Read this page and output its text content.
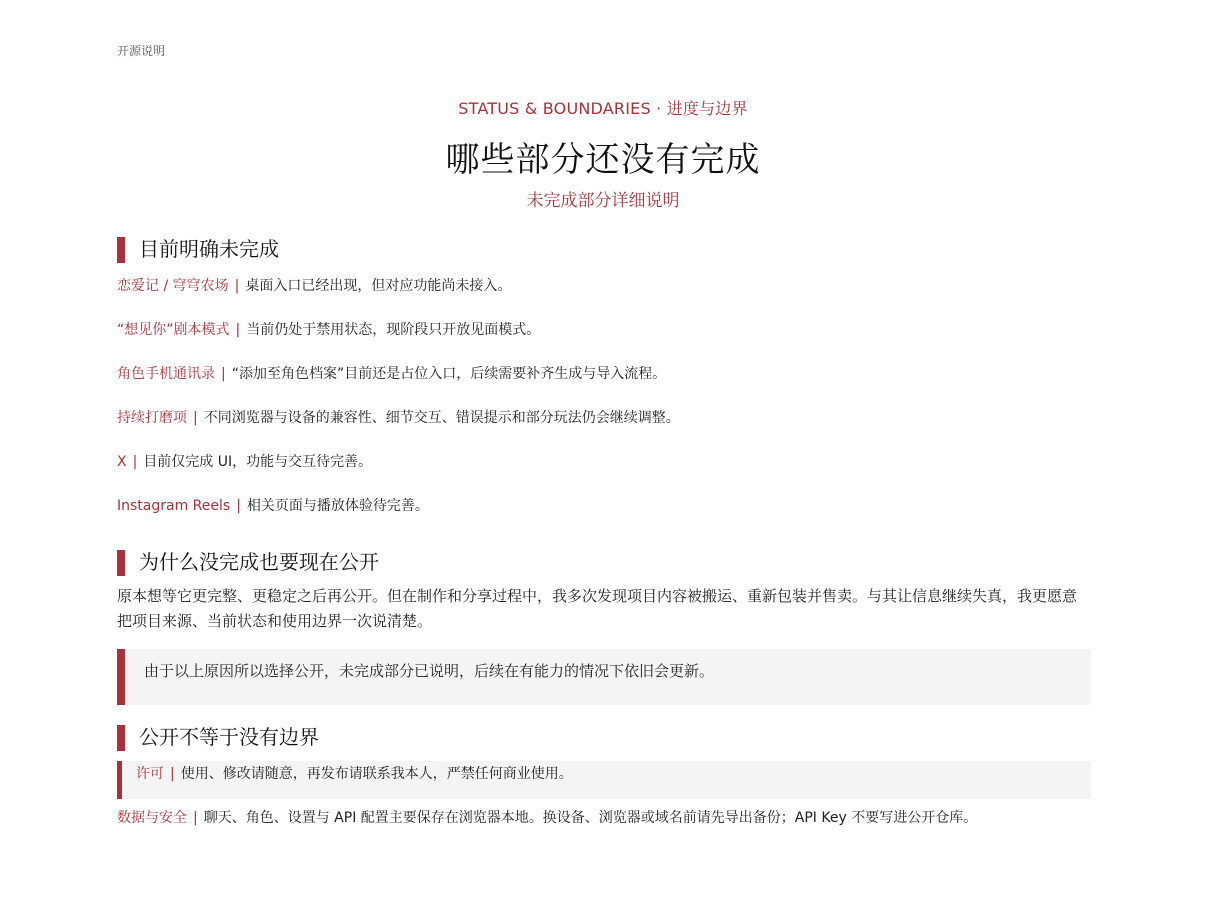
开源说明
STATUS & BOUNDARIES · 进度与边界
哪些部分还没有完成
未完成部分详细说明
目前明确未完成
恋爱记 / 穹穹农场 | 桌面入口已经出现，但对应功能尚未接入。
“想见你”剧本模式 | 当前仍处于禁用状态，现阶段只开放见面模式。
角色手机通讯录 | “添加至角色档案”目前还是占位入口，后续需要补齐生成与导入流程。
持续打磨项 | 不同浏览器与设备的兼容性、细节交互、错误提示和部分玩法仍会继续调整。
X | 目前仅完成 UI，功能与交互待完善。
Instagram Reels | 相关页面与播放体验待完善。
为什么没完成也要现在公开
原本想等它更完整、更稳定之后再公开。但在制作和分享过程中，我多次发现项目内容被搬运、重新包装并售卖。与其让信息继续失真，我更愿意把项目来源、当前状态和使用边界一次说清楚。
由于以上原因所以选择公开，未完成部分已说明，后续在有能力的情况下依旧会更新。
公开不等于没有边界
许可 | 使用、修改请随意，再发布请联系我本人，严禁任何商业使用。
数据与安全 | 聊天、角色、设置与 API 配置主要保存在浏览器本地。换设备、浏览器或域名前请先导出备份；API Key 不要写进公开仓库。
